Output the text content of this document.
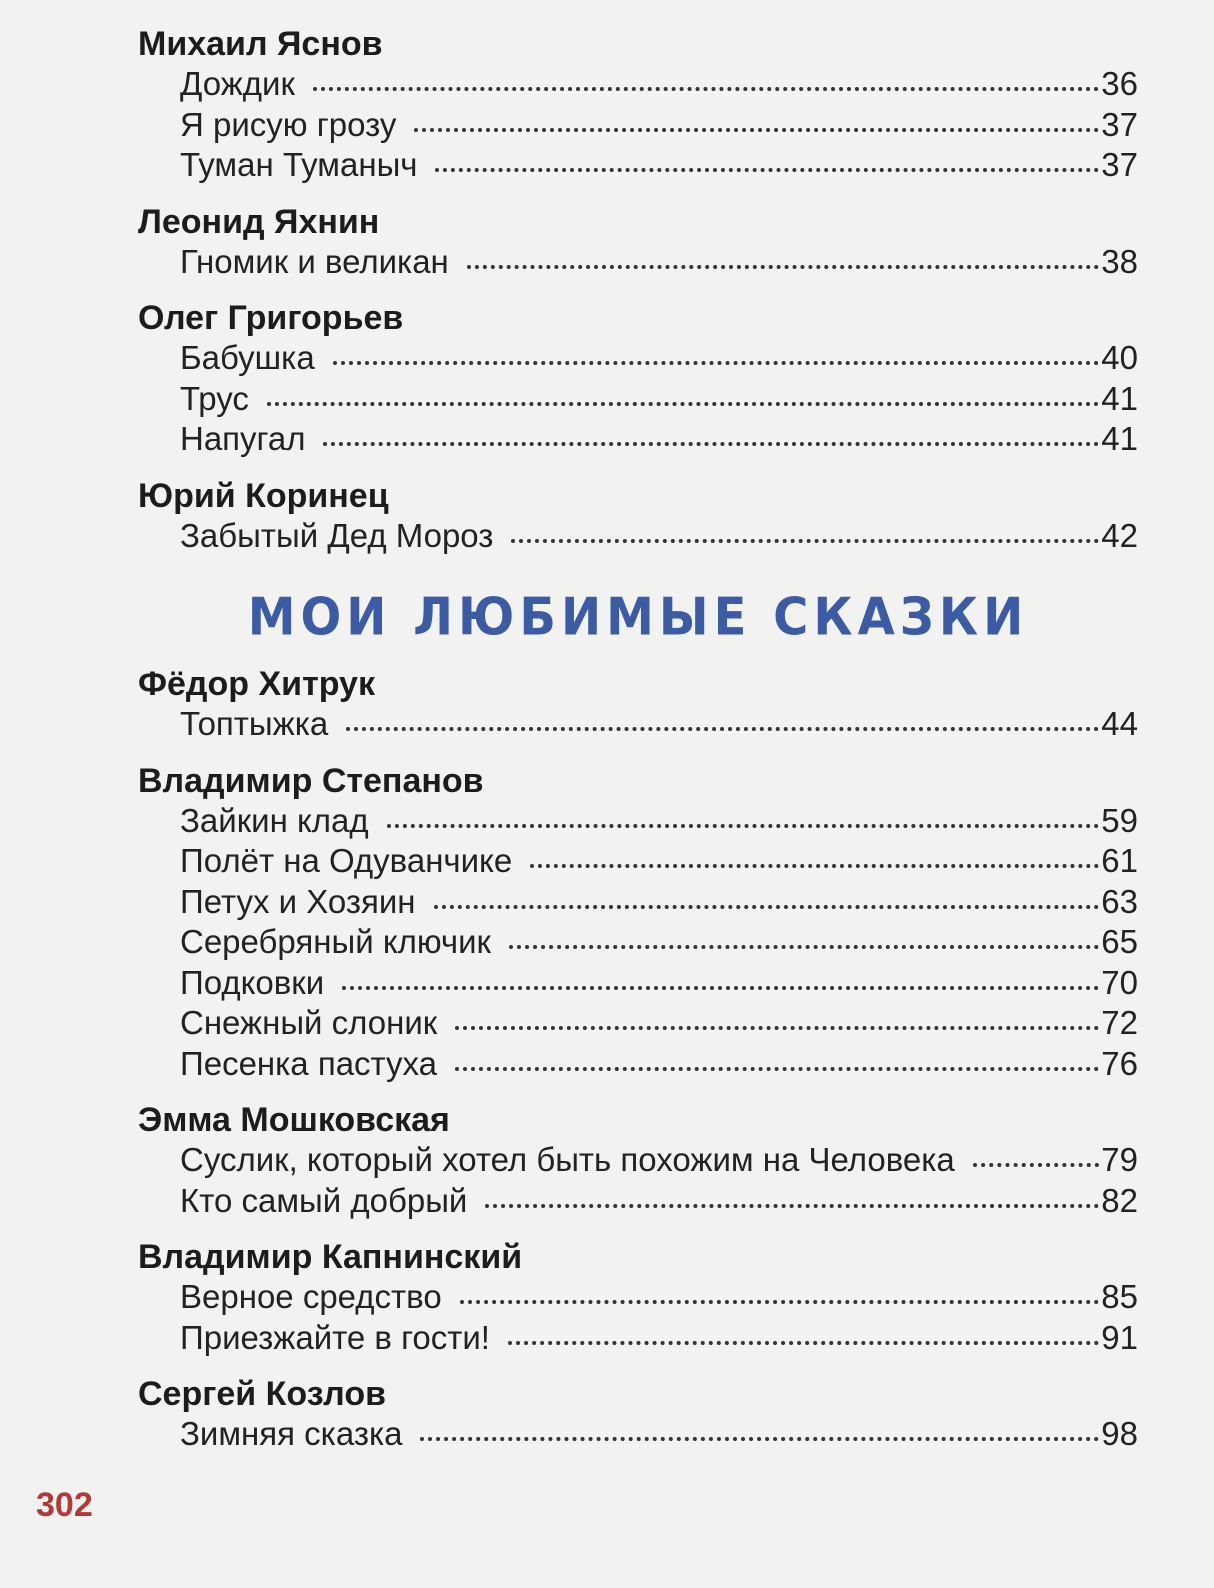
Михаил Яснов
Дождик	36
Я рисую грозу	37
Туман Туманыч	37
Леонид Яхнин
Гномик и великан	38
Олег Григорьев
Бабушка	40
Трус	41
Напугал	41
Юрий Коринец
Забытый Дед Мороз	42
МОИ ЛЮБИМЫЕ СКАЗКИ
Фёдор Хитрук
Топтыжка	44
Владимир Степанов
Зайкин клад	59
Полёт на Одуванчике	61
Петух и Хозяин	63
Серебряный ключик	65
Подковки	70
Снежный слоник	72
Песенка пастуха	76
Эмма Мошковская
Суслик, который хотел быть похожим на Человека	79
Кто самый добрый	82
Владимир Капнинский
Верное средство	85
Приезжайте в гости!	91
Сергей Козлов
Зимняя сказка	98
302
